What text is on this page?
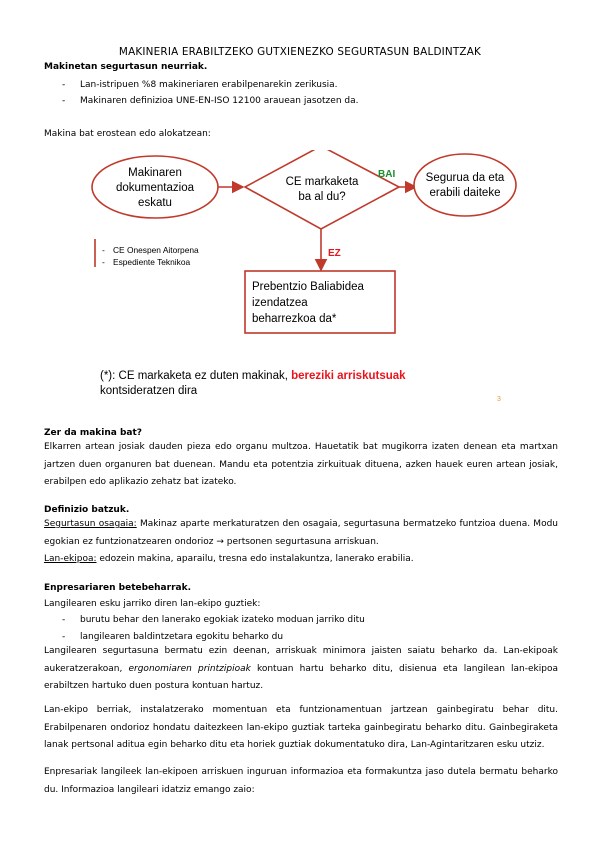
MAKINERIA ERABILTZEKO GUTXIENEZKO SEGURTASUN BALDINTZAK
Makinetan segurtasun neurriak.
- Lan-istripuen %8 makineriaren erabilpenarekin zerikusia.
- Makinaren definizioa UNE-EN-ISO 12100 arauean jasotzen da.
Makina bat erostean edo alokatzean:
Makinaren
dokumentazioa
eskatu
CE markaketa
ba al du?
BAI	Segurua da eta
erabili daiteke
EZ
Prebentzio Baliabidea
izendatzea
beharrezkoa da*
- CE Onespen Aitorpena
- Espediente Teknikoa
(*): CE markaketa ez duten makinak, bereziki arriskutsuak
kontsideratzen dira
3
Zer da makina bat?
Elkarren artean josiak dauden pieza edo organu multzoa. Hauetatik bat mugikorra izaten denean eta martxan jartzen duen organuren bat duenean. Mandu eta potentzia zirkuituak dituena, azken hauek euren artean josiak, erabilpen edo aplikazio zehatz bat izateko.
Definizio batzuk.
Segurtasun osagaia: Makinaz aparte merkaturatzen den osagaia, segurtasuna bermatzeko funtzioa duena. Modu egokian ez funtzionatzearen ondorioz → pertsonen segurtasuna arriskuan.
Lan-ekipoa: edozein makina, aparailu, tresna edo instalakuntza, lanerako erabilia.
Enpresariaren betebeharrak.
Langilearen esku jarriko diren lan-ekipo guztiek:
- burutu behar den lanerako egokiak izateko moduan jarriko ditu
- langilearen baldintzetara egokitu beharko du
Langilearen segurtasuna bermatu ezin deenan, arriskuak minimora jaisten saiatu beharko da. Lan-ekipoak aukeratzerakoan, ergonomiaren printzipioak kontuan hartu beharko ditu, disienua eta langilean lan-ekipoa erabiltzen hartuko duen postura kontuan hartuz.
Lan-ekipo berriak, instalatzerako momentuan eta funtzionamentuan jartzean gainbegiratu behar ditu. Erabilpenaren ondorioz hondatu daitezkeen lan-ekipo guztiak tarteka gainbegiratu beharko ditu. Gainbegiraketa lanak pertsonal aditua egin beharko ditu eta horiek guztiak dokumentatuko dira, Lan-Agintaritzaren esku utziz.
Enpresariak langileek lan-ekipoen arriskuen inguruan informazioa eta formakuntza jaso dutela bermatu beharko du. Informazioa langileari idatziz emango zaio:
